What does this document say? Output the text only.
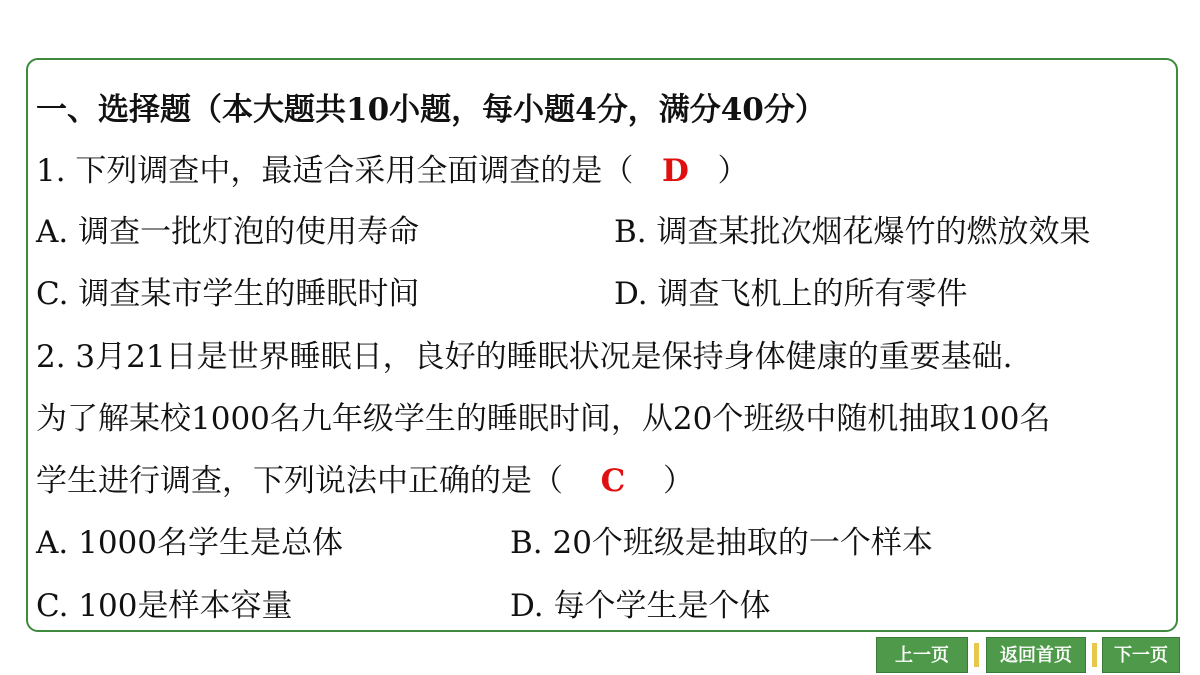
一、选择题（本大题共10小题，每小题4分，满分40分）
1. 下列调查中，最适合采用全面调查的是（ D ）
A. 调查一批灯泡的使用寿命	B. 调查某批次烟花爆竹的燃放效果
C. 调查某市学生的睡眠时间	D. 调查飞机上的所有零件
2. 3月21日是世界睡眠日，良好的睡眠状况是保持身体健康的重要基础.
为了解某校1000名九年级学生的睡眠时间，从20个班级中随机抽取100名
学生进行调查，下列说法中正确的是（ C ）
A. 1000名学生是总体	B. 20个班级是抽取的一个样本
C. 100是样本容量	D. 每个学生是个体
上一页	返回首页	下一页
